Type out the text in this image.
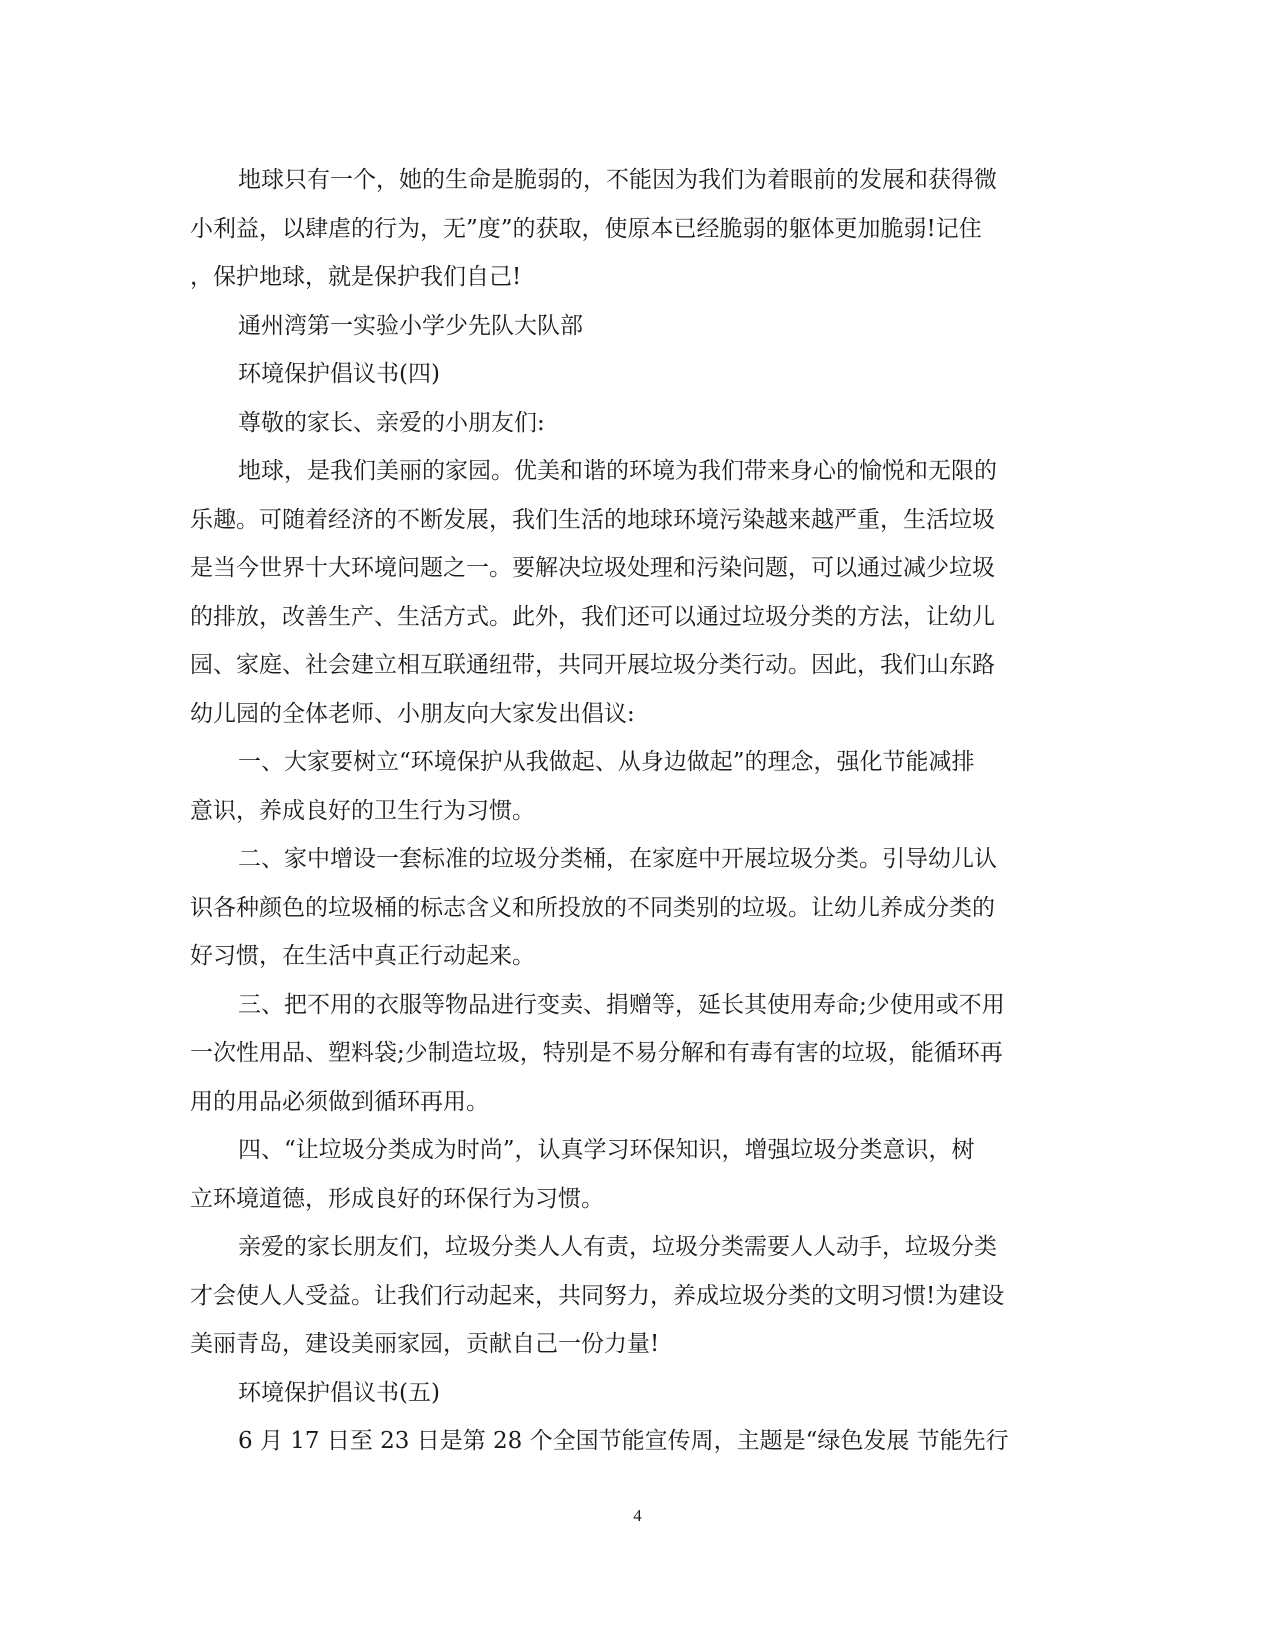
地球只有一个，她的生命是脆弱的，不能因为我们为着眼前的发展和获得微
小利益，以肆虐的行为，无”度”的获取，使原本已经脆弱的躯体更加脆弱!记住
，保护地球，就是保护我们自己!

通州湾第一实验小学少先队大队部

环境保护倡议书(四)

尊敬的家长、亲爱的小朋友们:

地球，是我们美丽的家园。优美和谐的环境为我们带来身心的愉悦和无限的
乐趣。可随着经济的不断发展，我们生活的地球环境污染越来越严重，生活垃圾
是当今世界十大环境问题之一。要解决垃圾处理和污染问题，可以通过减少垃圾
的排放，改善生产、生活方式。此外，我们还可以通过垃圾分类的方法，让幼儿
园、家庭、社会建立相互联通纽带，共同开展垃圾分类行动。因此，我们山东路
幼儿园的全体老师、小朋友向大家发出倡议:

一、大家要树立“环境保护从我做起、从身边做起”的理念，强化节能减排
意识，养成良好的卫生行为习惯。

二、家中增设一套标准的垃圾分类桶，在家庭中开展垃圾分类。引导幼儿认
识各种颜色的垃圾桶的标志含义和所投放的不同类别的垃圾。让幼儿养成分类的
好习惯，在生活中真正行动起来。

三、把不用的衣服等物品进行变卖、捐赠等，延长其使用寿命;少使用或不用
一次性用品、塑料袋;少制造垃圾，特别是不易分解和有毒有害的垃圾，能循环再
用的用品必须做到循环再用。

四、“让垃圾分类成为时尚”，认真学习环保知识，增强垃圾分类意识，树
立环境道德，形成良好的环保行为习惯。

亲爱的家长朋友们，垃圾分类人人有责，垃圾分类需要人人动手，垃圾分类
才会使人人受益。让我们行动起来，共同努力，养成垃圾分类的文明习惯!为建设
美丽青岛，建设美丽家园，贡献自己一份力量!

环境保护倡议书(五)

6 月 17 日至 23 日是第 28 个全国节能宣传周，主题是“绿色发展 节能先行

4
